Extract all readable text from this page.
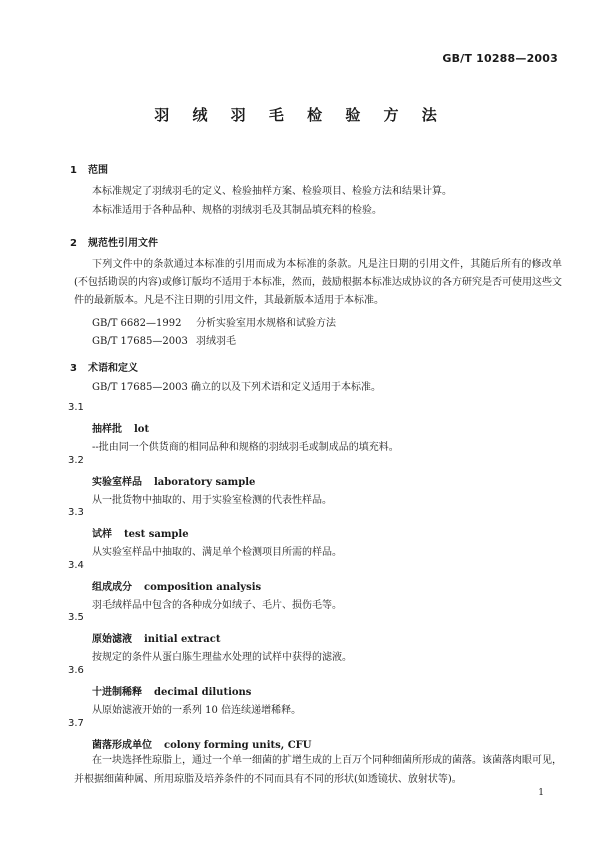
GB/T 10288—2003
羽 绒 羽 毛 检 验 方 法
1 范围
本标准规定了羽绒羽毛的定义、检验抽样方案、检验项目、检验方法和结果计算。
本标准适用于各种品种、规格的羽绒羽毛及其制品填充料的检验。
2 规范性引用文件
下列文件中的条款通过本标准的引用而成为本标准的条款。凡是注日期的引用文件，其随后所有的修改单(不包括勘误的内容)或修订版均不适用于本标准，然而，鼓励根据本标准达成协议的各方研究是否可使用这些文件的最新版本。凡是不注日期的引用文件，其最新版本适用于本标准。
GB/T 6682—1992 分析实验室用水规格和试验方法
GB/T 17685—2003 羽绒羽毛
3 术语和定义
GB/T 17685—2003 确立的以及下列术语和定义适用于本标准。
3.1
抽样批 lot
--批由同一个供货商的相同品种和规格的羽绒羽毛或制成品的填充料。
3.2
实验室样品 laboratory sample
从一批货物中抽取的、用于实验室检测的代表性样品。
3.3
试样 test sample
从实验室样品中抽取的、满足单个检测项目所需的样品。
3.4
组成成分 composition analysis
羽毛绒样品中包含的各种成分如绒子、毛片、损伤毛等。
3.5
原始滤液 initial extract
按规定的条件从蛋白胨生理盐水处理的试样中获得的滤液。
3.6
十进制稀释 decimal dilutions
从原始滤液开始的一系列 10 倍连续递增稀释。
3.7
菌落形成单位 colony forming units, CFU
在一块选择性琼脂上，通过一个单一细菌的扩增生成的上百万个同种细菌所形成的菌落。该菌落肉眼可见，并根据细菌种属、所用琼脂及培养条件的不同而具有不同的形状(如透镜状、放射状等)。
1
